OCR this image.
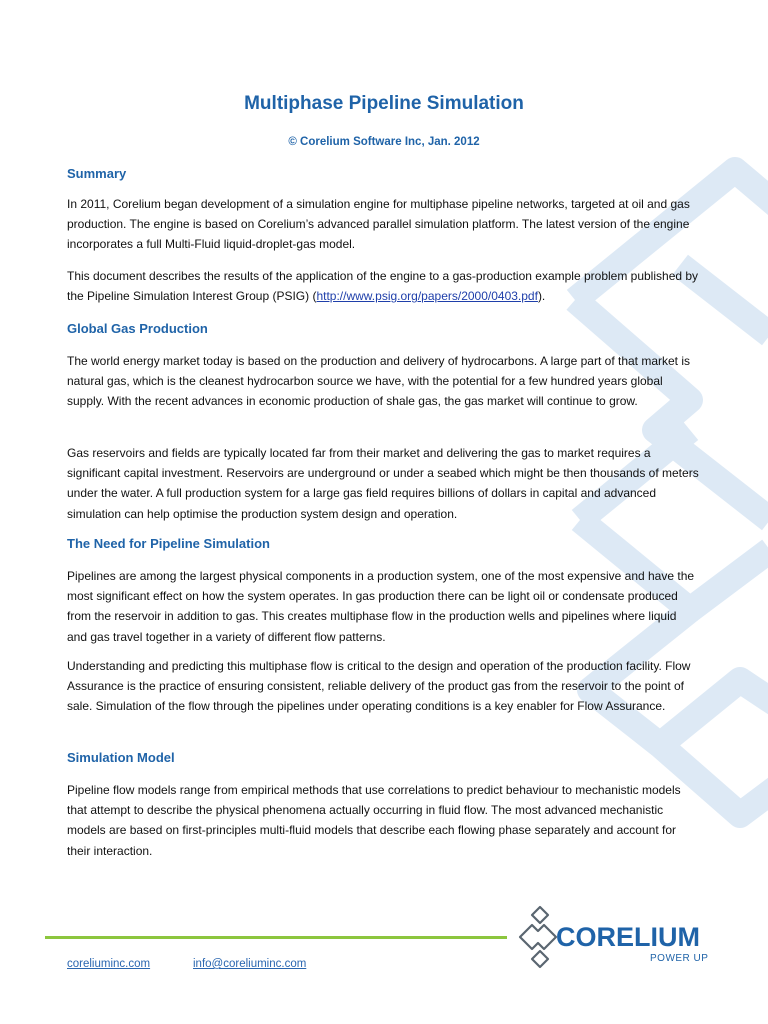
Multiphase Pipeline Simulation
© Corelium Software Inc, Jan. 2012
Summary

In 2011, Corelium began development of a simulation engine for multiphase pipeline networks, targeted at oil and gas production. The engine is based on Corelium’s advanced parallel simulation platform. The latest version of the engine incorporates a full Multi-Fluid liquid-droplet-gas model.

This document describes the results of the application of the engine to a gas-production example problem published by the Pipeline Simulation Interest Group (PSIG) (http://www.psig.org/papers/2000/0403.pdf).

Global Gas Production

The world energy market today is based on the production and delivery of hydrocarbons. A large part of that market is natural gas, which is the cleanest hydrocarbon source we have, with the potential for a few hundred years global supply. With the recent advances in economic production of shale gas, the gas market will continue to grow.

Gas reservoirs and fields are typically located far from their market and delivering the gas to market requires a significant capital investment. Reservoirs are underground or under a seabed which might be then thousands of meters under the water. A full production system for a large gas field requires billions of dollars in capital and advanced simulation can help optimise the production system design and operation.

The Need for Pipeline Simulation

Pipelines are among the largest physical components in a production system, one of the most expensive and have the most significant effect on how the system operates. In gas production there can be light oil or condensate produced from the reservoir in addition to gas. This creates multiphase flow in the production wells and pipelines where liquid and gas travel together in a variety of different flow patterns.

Understanding and predicting this multiphase flow is critical to the design and operation of the production facility. Flow Assurance is the practice of ensuring consistent, reliable delivery of the product gas from the reservoir to the point of sale. Simulation of the flow through the pipelines under operating conditions is a key enabler for Flow Assurance.

Simulation Model

Pipeline flow models range from empirical methods that use correlations to predict behaviour to mechanistic models that attempt to describe the physical phenomena actually occurring in fluid flow. The most advanced mechanistic models are based on first-principles multi-fluid models that describe each flowing phase separately and account for their interaction.

coreliuminc.com	info@coreliuminc.com
CORELIUM
POWER UP
